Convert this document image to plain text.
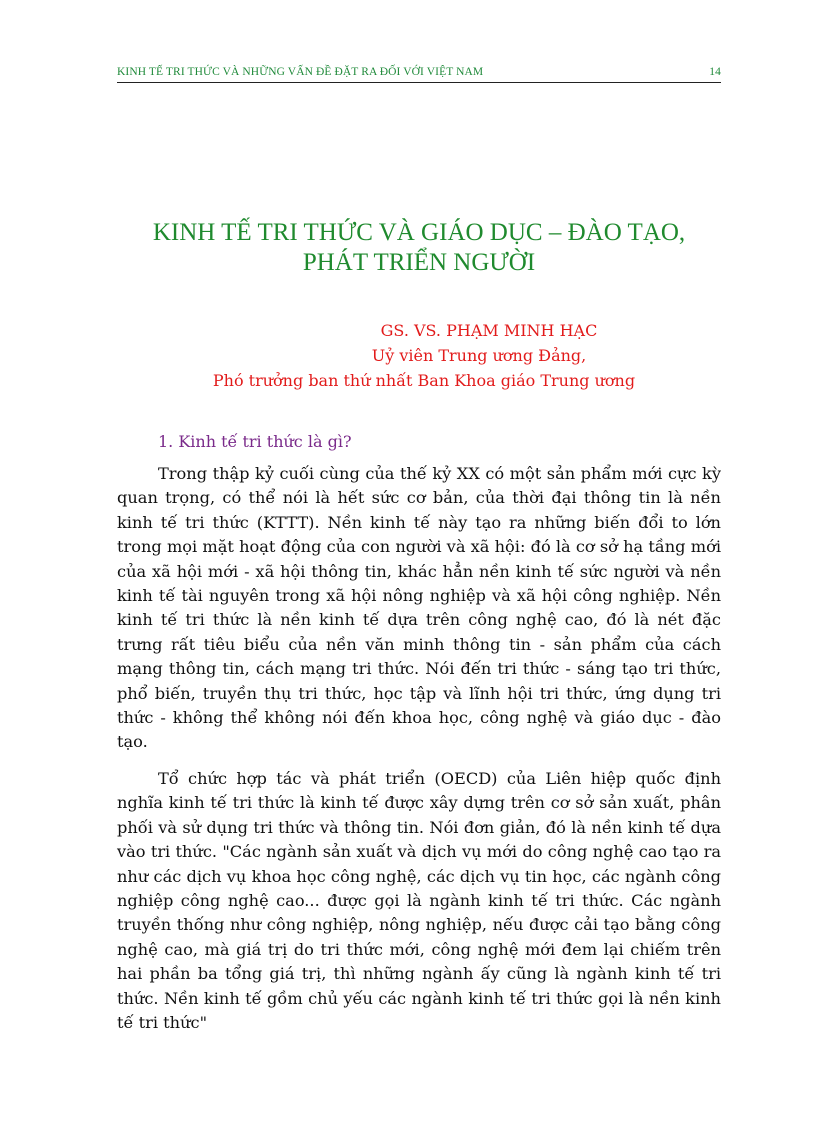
KINH TẾ TRI THỨC VÀ NHỮNG VẤN ĐỀ ĐẶT RA ĐỐI VỚI VIỆT NAM	14
KINH TẾ TRI THỨC VÀ GIÁO DỤC – ĐÀO TẠO,
PHÁT TRIỂN NGƯỜI
GS. VS. PHẠM MINH HẠC
Uỷ viên Trung ương Đảng,
Phó trưởng ban thứ nhất Ban Khoa giáo Trung ương
1. Kinh tế tri thức là gì?

Trong thập kỷ cuối cùng của thế kỷ XX có một sản phẩm mới cực kỳ quan trọng, có thể nói là hết sức cơ bản, của thời đại thông tin là nền kinh tế tri thức (KTTT). Nền kinh tế này tạo ra những biến đổi to lớn trong mọi mặt hoạt động của con người và xã hội: đó là cơ sở hạ tầng mới của xã hội mới - xã hội thông tin, khác hẳn nền kinh tế sức người và nền kinh tế tài nguyên trong xã hội nông nghiệp và xã hội công nghiệp. Nền kinh tế tri thức là nền kinh tế dựa trên công nghệ cao, đó là nét đặc trưng rất tiêu biểu của nền văn minh thông tin - sản phẩm của cách mạng thông tin, cách mạng tri thức. Nói đến tri thức - sáng tạo tri thức, phổ biến, truyền thụ tri thức, học tập và lĩnh hội tri thức, ứng dụng tri thức - không thể không nói đến khoa học, công nghệ và giáo dục - đào tạo.

Tổ chức hợp tác và phát triển (OECD) của Liên hiệp quốc định nghĩa kinh tế tri thức là kinh tế được xây dựng trên cơ sở sản xuất, phân phối và sử dụng tri thức và thông tin. Nói đơn giản, đó là nền kinh tế dựa vào tri thức. "Các ngành sản xuất và dịch vụ mới do công nghệ cao tạo ra như các dịch vụ khoa học công nghệ, các dịch vụ tin học, các ngành công nghiệp công nghệ cao... được gọi là ngành kinh tế tri thức. Các ngành truyền thống như công nghiệp, nông nghiệp, nếu được cải tạo bằng công nghệ cao, mà giá trị do tri thức mới, công nghệ mới đem lại chiếm trên hai phần ba tổng giá trị, thì những ngành ấy cũng là ngành kinh tế tri thức. Nền kinh tế gồm chủ yếu các ngành kinh tế tri thức gọi là nền kinh tế tri thức"
